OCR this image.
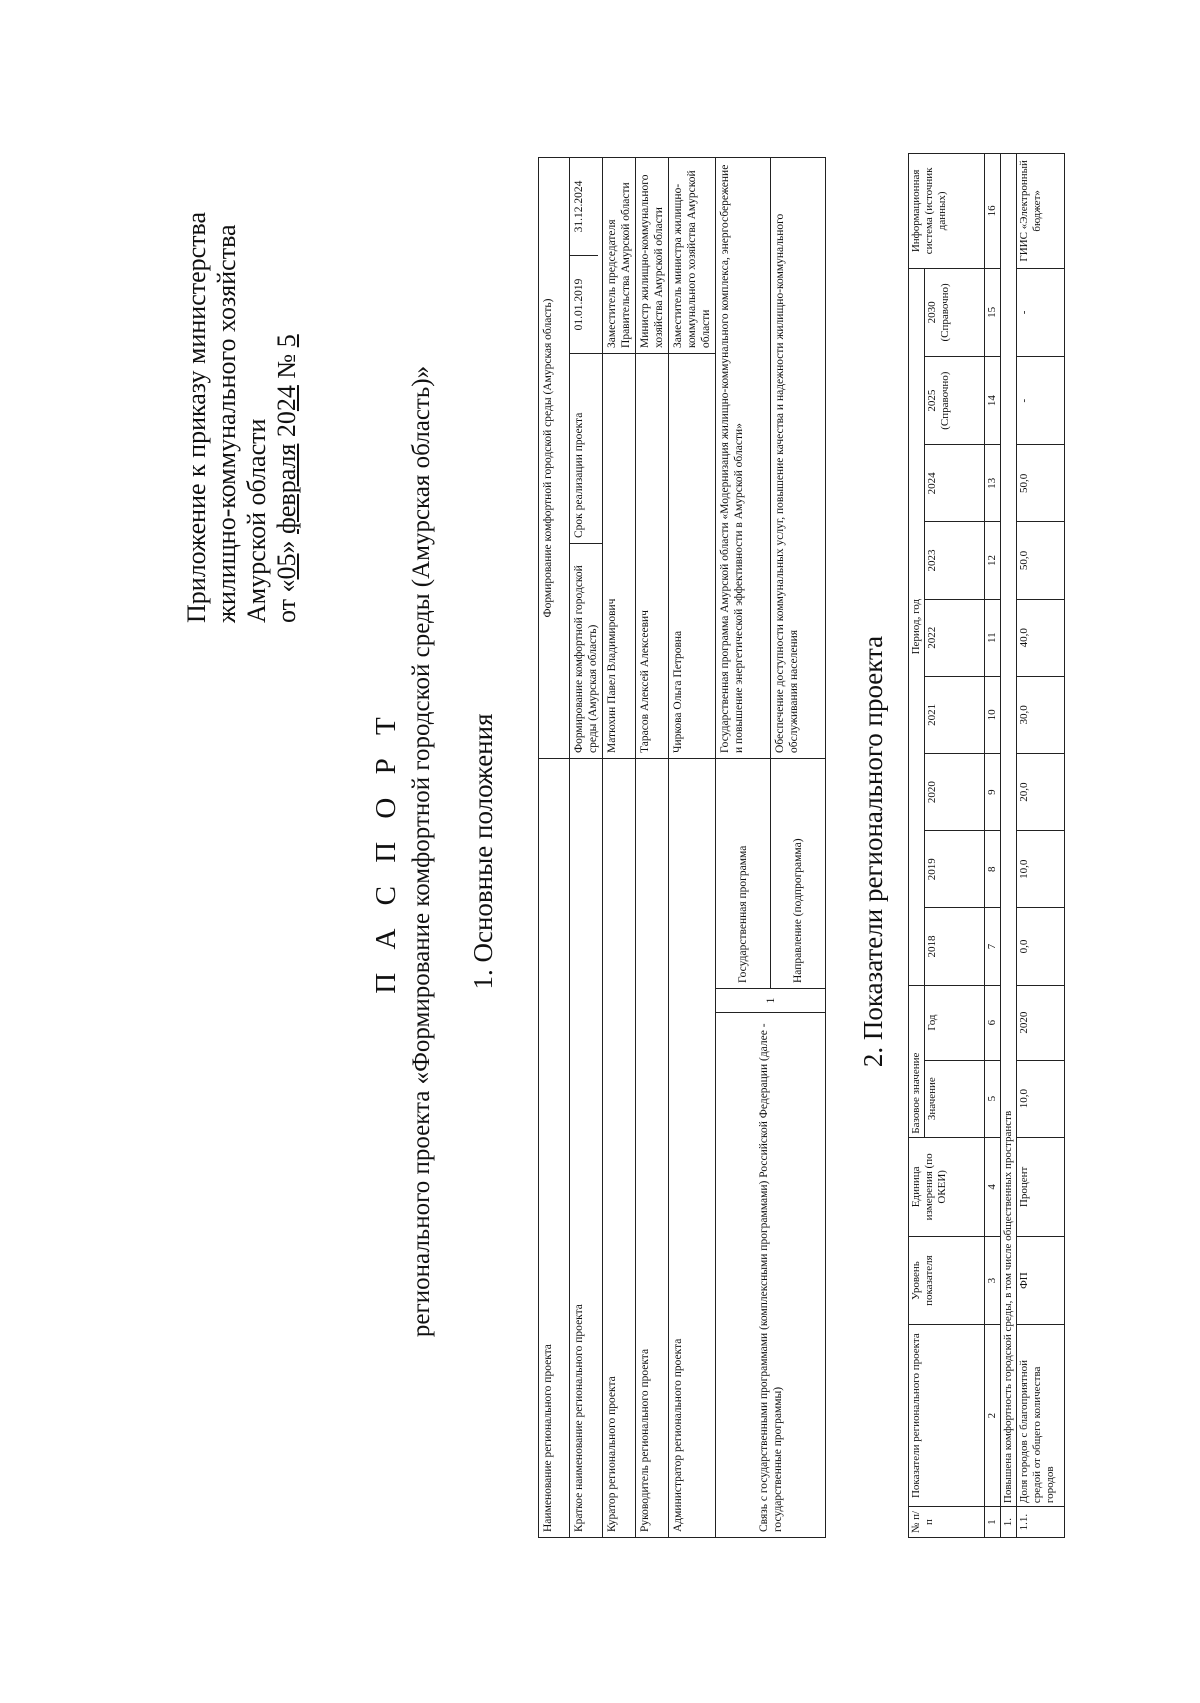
Приложение к приказу министерства жилищно-коммунального хозяйства Амурской области от «05» февраля 2024 № 5
П А С П О Р Т регионального проекта «Формирование комфортной городской среды (Амурская область)» 1. Основные положения
Наименование регионального проекта	Формирование комфортной городской среды (Амурская область)
Краткое наименование регионального проекта	Формирование комфортной городской среды (Амурская область)	Срок реализации проекта	
01.01.2019	31.12.2024

Куратор регионального проекта	Матюхин Павел Владимирович	Заместитель председателя Правительства Амурской области
Руководитель регионального проекта	Тарасов Алексей Алексеевич	Министр жилищно-коммунального хозяйства Амурской области
Администратор регионального проекта	Чиркова Ольга Петровна	Заместитель министра жилищно-коммунального хозяйства Амурской области
Связь с государственными программами (комплексными программами) Российской Федерации (далее - государственные программы)	1	Государственная программа	Государственная программа Амурской области «Модернизация жилищно-коммунального комплекса, энергосбережение и повышение энергетической эффективности в Амурской области»
Направление (подпрограмма)	Обеспечение доступности коммунальных услуг, повышение качества и надежности жилищно-коммунального обслуживания населения 2. Показатели регионального проекта
№ п/п	Показатели регионального проекта	Уровень показателя	Единица измерения (по ОКЕИ)	Базовое значение		Период, год									Информационная система (источник данных)
				Значение	Год	2018	2019	2020	2021	2022	2023	2024	2025 (Справочно)	2030 (Справочно)	
1	2	3	4	5	6	7	8	9	10	11	12	13	14	15	16
1.	Повышена комфортность городской среды, в том числе общественных пространств														
1.1.	Доля городов с благоприятной средой от общего количества городов	ФП	Процент	10,0	2020	0,0	10,0	20,0	30,0	40,0	50,0	50,0	-	-	ГИИС «Электронный бюджет»
